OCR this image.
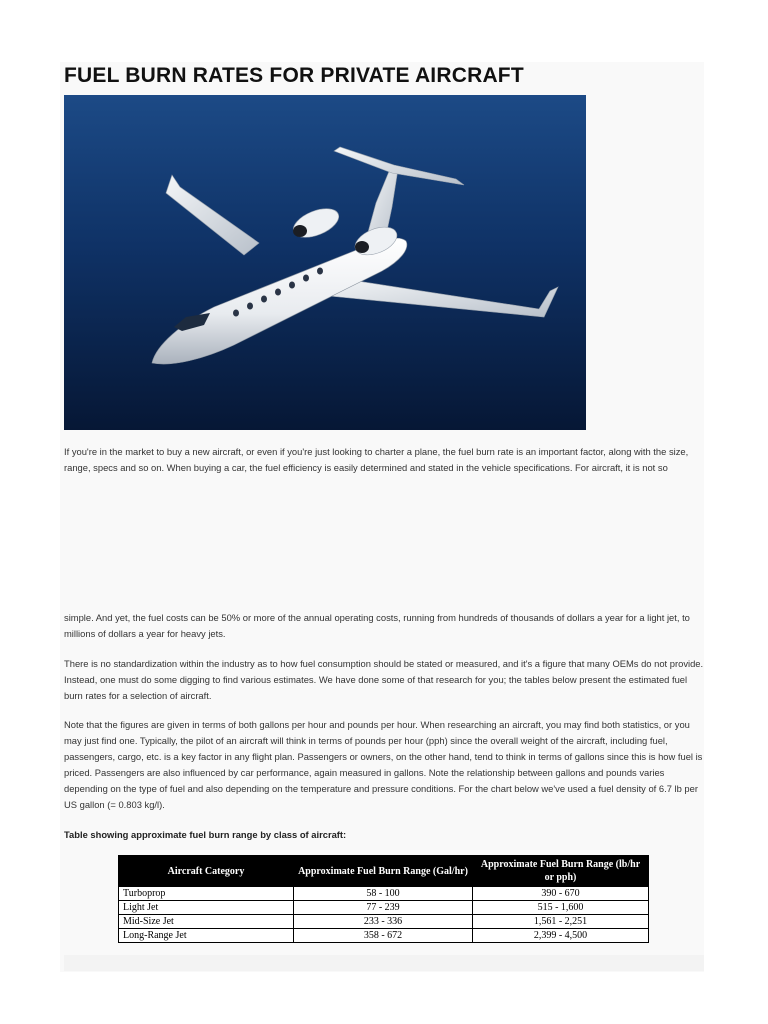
FUEL BURN RATES FOR PRIVATE AIRCRAFT

If you're in the market to buy a new aircraft, or even if you're just looking to charter a plane, the fuel burn rate is an important factor, along with the size, range, specs and so on. When buying a car, the fuel efficiency is easily determined and stated in the vehicle specifications. For aircraft, it is not so

simple. And yet, the fuel costs can be 50% or more of the annual operating costs, running from hundreds of thousands of dollars a year for a light jet, to millions of dollars a year for heavy jets.

There is no standardization within the industry as to how fuel consumption should be stated or measured, and it's a figure that many OEMs do not provide. Instead, one must do some digging to find various estimates. We have done some of that research for you; the tables below present the estimated fuel burn rates for a selection of aircraft.

Note that the figures are given in terms of both gallons per hour and pounds per hour. When researching an aircraft, you may find both statistics, or you may just find one. Typically, the pilot of an aircraft will think in terms of pounds per hour (pph) since the overall weight of the aircraft, including fuel, passengers, cargo, etc. is a key factor in any flight plan. Passengers or owners, on the other hand, tend to think in terms of gallons since this is how fuel is priced. Passengers are also influenced by car performance, again measured in gallons. Note the relationship between gallons and pounds varies depending on the type of fuel and also depending on the temperature and pressure conditions. For the chart below we've used a fuel density of 6.7 lb per US gallon (= 0.803 kg/l).

Table showing approximate fuel burn range by class of aircraft:

Aircraft Category	Approximate Fuel Burn Range (Gal/hr)	Approximate Fuel Burn Range (lb/hr or pph)
Turboprop	58 - 100	390 - 670
Light Jet	77 - 239	515 - 1,600
Mid-Size Jet	233 - 336	1,561 - 2,251
Long-Range Jet	358 - 672	2,399 - 4,500
